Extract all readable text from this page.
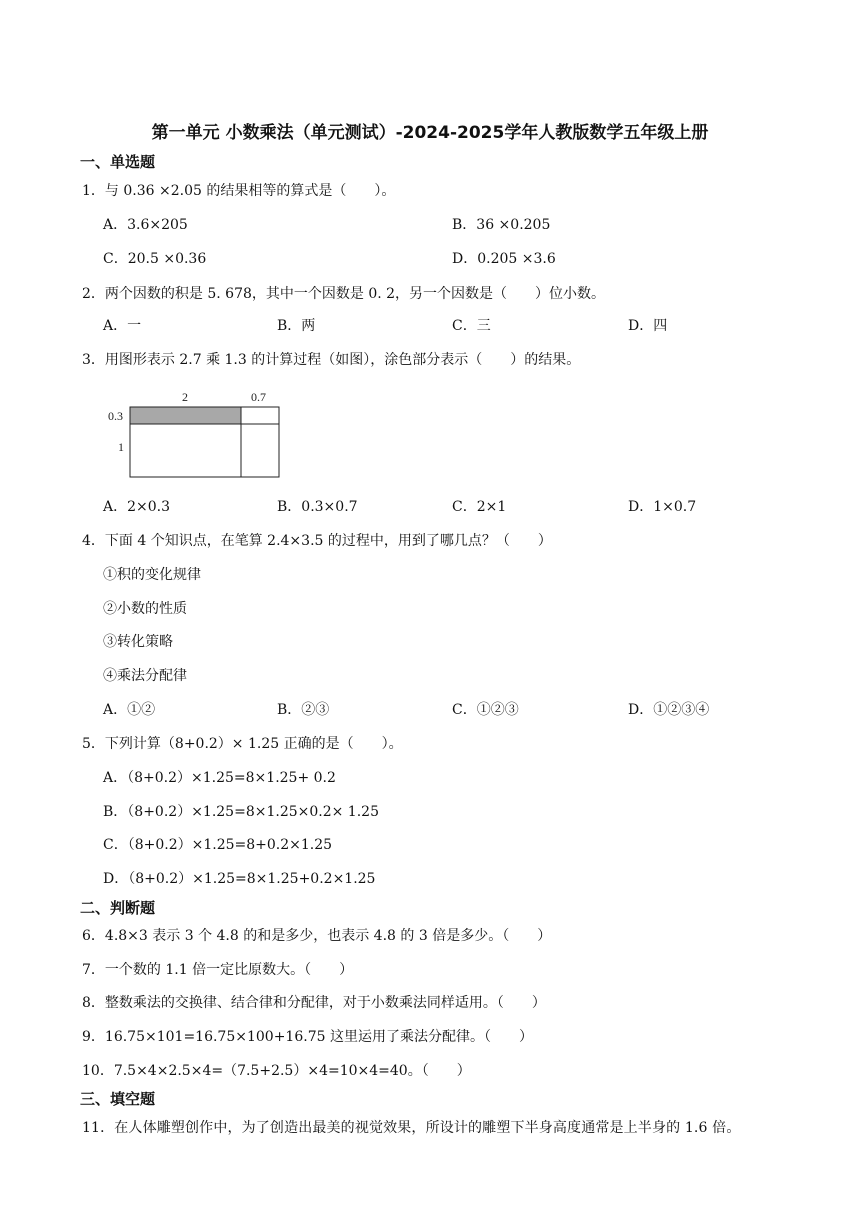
第一单元 小数乘法（单元测试）-2024-2025学年人教版数学五年级上册
一、单选题
1．与 0.36 ×2.05 的结果相等的算式是（　　）。
A．3.6×205	B．36 ×0.205
C．20.5 ×0.36	D．0.205 ×3.6
2．两个因数的积是 5. 678，其中一个因数是 0. 2，另一个因数是（　　）位小数。
A．一	B．两	C．三	D．四
3．用图形表示 2.7 乘 1.3 的计算过程（如图），涂色部分表示（　　）的结果。
2	0.7
0.3
1
A．2×0.3	B．0.3×0.7	C．2×1	D．1×0.7
4．下面 4 个知识点，在笔算 2.4×3.5 的过程中，用到了哪几点？（　　）
①积的变化规律
②小数的性质
③转化策略
④乘法分配律
A．①②	B．②③	C．①②③	D．①②③④
5．下列计算（8+0.2）× 1.25 正确的是（　　）。
A．（8+0.2）×1.25=8×1.25+ 0.2
B．（8+0.2）×1.25=8×1.25×0.2× 1.25
C．（8+0.2）×1.25=8+0.2×1.25
D．（8+0.2）×1.25=8×1.25+0.2×1.25
二、判断题
6．4.8×3 表示 3 个 4.8 的和是多少，也表示 4.8 的 3 倍是多少。（　　）
7．一个数的 1.1 倍一定比原数大。（　　）
8．整数乘法的交换律、结合律和分配律，对于小数乘法同样适用。（　　）
9．16.75×101=16.75×100+16.75 这里运用了乘法分配律。（　　）
10．7.5×4×2.5×4=（7.5+2.5）×4=10×4=40。（　　）
三、填空题
11．在人体雕塑创作中，为了创造出最美的视觉效果，所设计的雕塑下半身高度通常是上半身的 1.6 倍。
